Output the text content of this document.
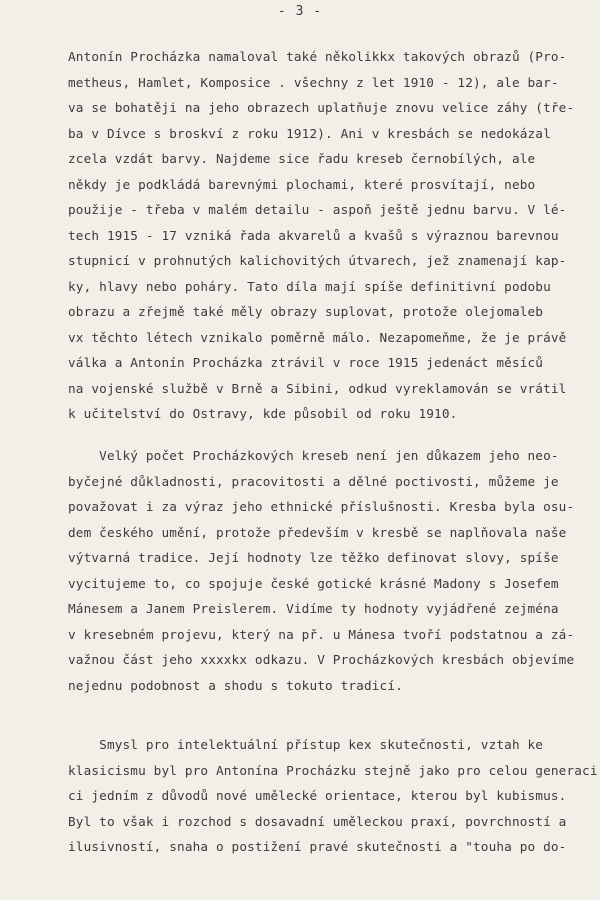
- 3 -
Antonín Procházka namaloval také několikkx takových obrazů (Pro-
metheus, Hamlet, Komposice . všechny z let 1910 - 12), ale bar-
va se bohatěji na jeho obrazech uplatňuje znovu velice záhy (tře-
ba v Dívce s broskví z roku 1912). Ani v kresbách se nedokázal
zcela vzdát barvy. Najdeme sice řadu kreseb černobílých, ale
někdy je podkládá barevnými plochami, které prosvítají, nebo
použije - třeba v malém detailu - aspoň ještě jednu barvu. V lé-
tech 1915 - 17 vzniká řada akvarelů a kvašů s výraznou barevnou
stupnicí v prohnutých kalichovitých útvarech, jež znamenají kap-
ky, hlavy nebo poháry. Tato díla mají spíše definitivní podobu
obrazu a zřejmě také měly obrazy suplovat, protože olejomaleb
vx těchto létech vznikalo poměrně málo. Nezapomeňme, že je právě
válka a Antonín Procházka ztrávil v roce 1915 jedenáct měsíců
na vojenské službě v Brně a Sibini, odkud vyreklamován se vrátil
k učitelství do Ostravy, kde působil od roku 1910.
Velký počet Procházkových kreseb není jen důkazem jeho neo-
byčejné důkladnosti, pracovitosti a dělné poctivosti, můžeme je
považovat i za výraz jeho ethnické příslušnosti. Kresba byla osu-
dem českého umění, protože především v kresbě se naplňovala naše
výtvarná tradice. Její hodnoty lze těžko definovat slovy, spíše
vycitujeme to, co spojuje české gotické krásné Madony s Josefem
Mánesem a Janem Preislerem. Vidíme ty hodnoty vyjádřené zejména
v kresebném projevu, který na př. u Mánesa tvoří podstatnou a zá-
važnou část jeho xxxxkx odkazu. V Procházkových kresbách objevíme
nejednu podobnost a shodu s tokuto tradicí.
Smysl pro intelektuální přístup kex skutečnosti, vztah ke
klasicismu byl pro Antonína Procházku stejně jako pro celou generaci
ci jedním z důvodů nové umělecké orientace, kterou byl kubismus.
Byl to však i rozchod s dosavadní uměleckou praxí, povrchností a
ilusivností, snaha o postižení pravé skutečnosti a "touha po do-
